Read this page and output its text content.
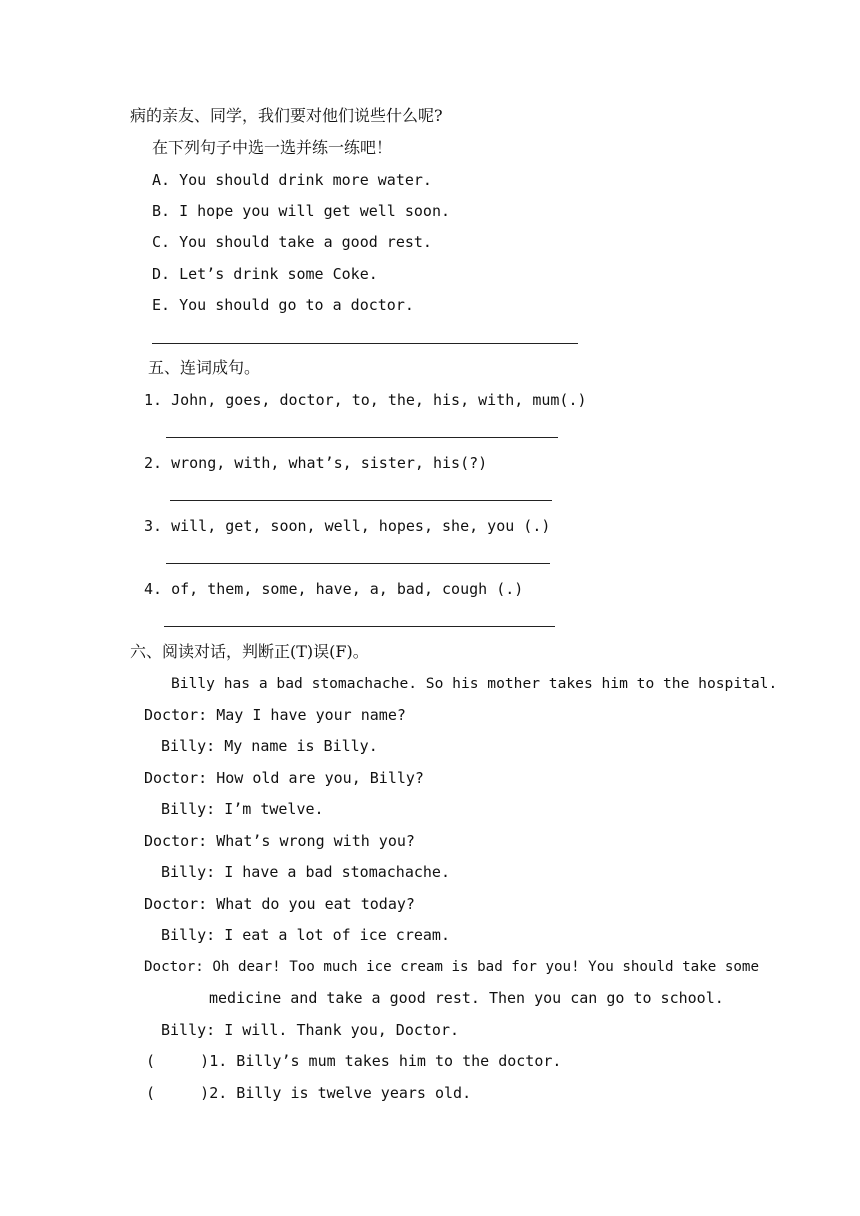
病的亲友、同学，我们要对他们说些什么呢?
在下列句子中选一选并练一练吧！
A. You should drink more water.
B. I hope you will get well soon.
C. You should take a good rest.
D. Let’s drink some Coke.
E. You should go to a doctor.
五、连词成句。
1. John, goes, doctor, to, the, his, with, mum(.)
2. wrong, with, what’s, sister, his(?)
3. will, get, soon, well, hopes, she, you (.)
4. of, them, some, have, a, bad, cough (.)
六、阅读对话，判断正(T)误(F)。
Billy has a bad stomachache. So his mother takes him to the hospital.
Doctor: May I have your name?
Billy: My name is Billy.
Doctor: How old are you, Billy?
Billy: I’m twelve.
Doctor: What’s wrong with you?
Billy: I have a bad stomachache.
Doctor: What do you eat today?
Billy: I eat a lot of ice cream.
Doctor: Oh dear! Too much ice cream is bad for you! You should take some
medicine and take a good rest. Then you can go to school.
Billy: I will. Thank you, Doctor.
(     )1. Billy’s mum takes him to the doctor.
(     )2. Billy is twelve years old.
